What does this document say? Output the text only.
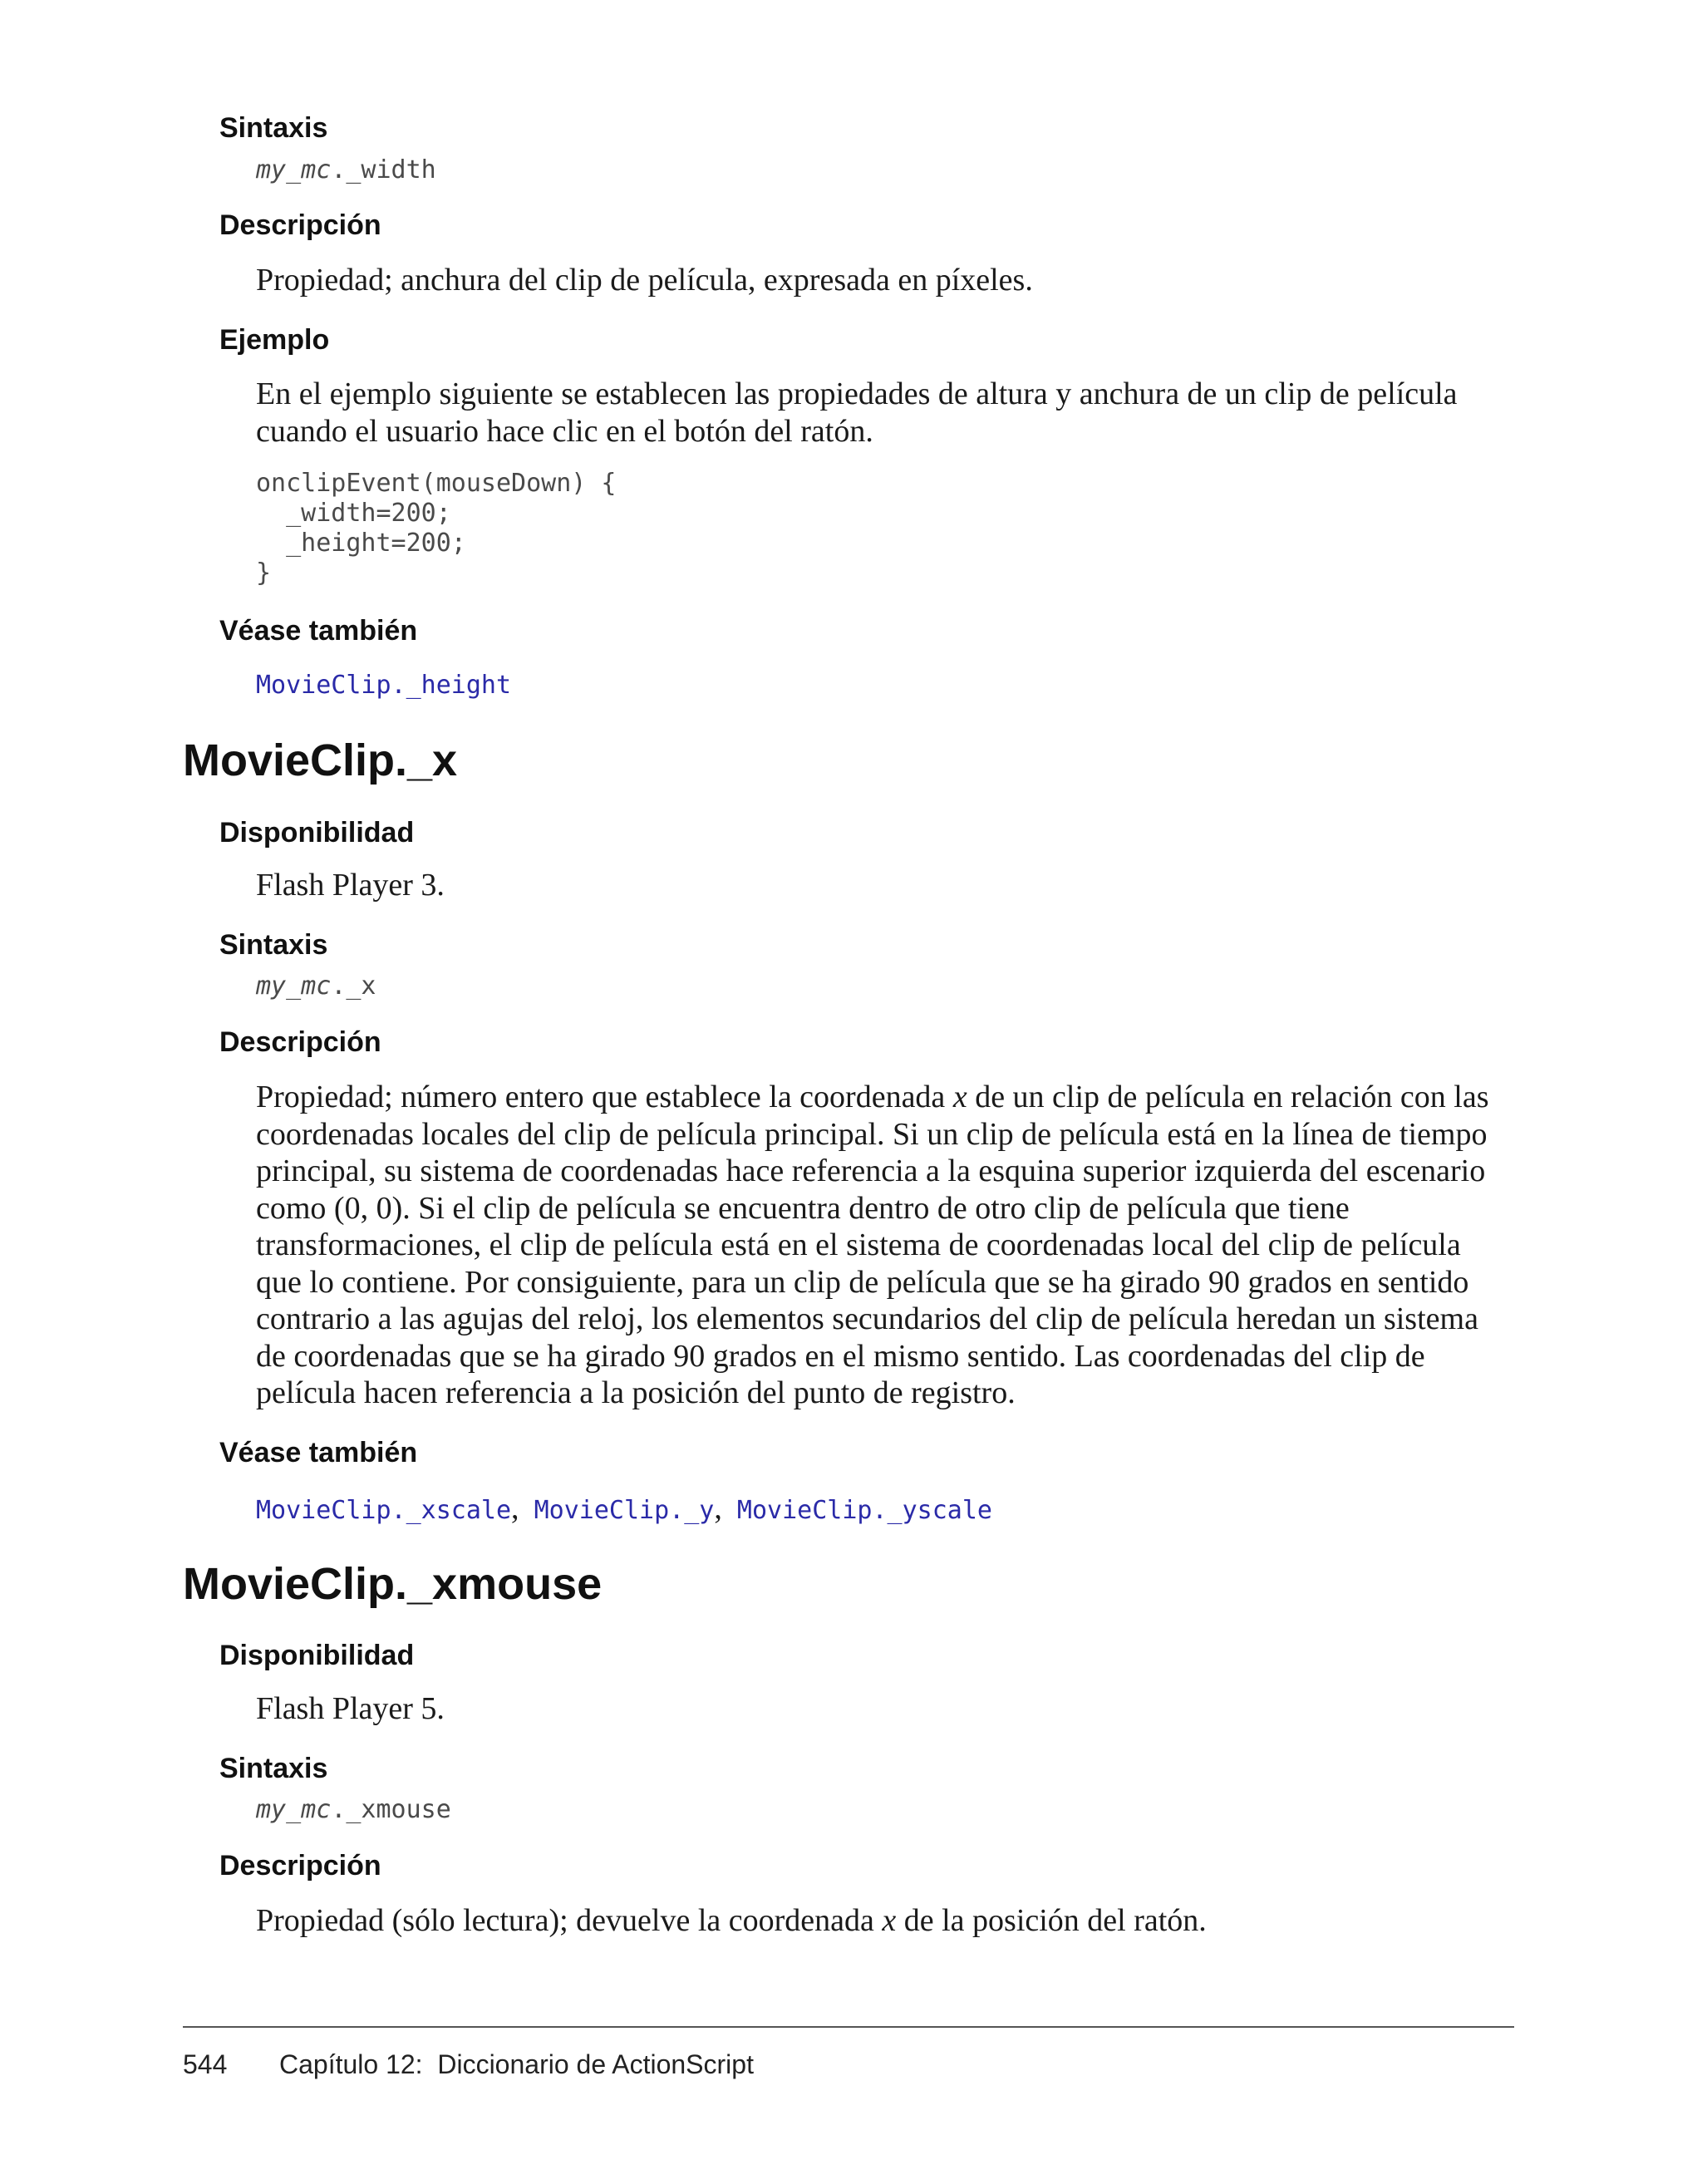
Sintaxis

my_mc._width

Descripción

Propiedad; anchura del clip de película, expresada en píxeles.

Ejemplo

En el ejemplo siguiente se establecen las propiedades de altura y anchura de un clip de película cuando el usuario hace clic en el botón del ratón.

onclipEvent(mouseDown) {
_width=200;
_height=200;
}

Véase también

MovieClip._height

MovieClip._x

Disponibilidad

Flash Player 3.

Sintaxis

my_mc._x

Descripción

Propiedad; número entero que establece la coordenada x de un clip de película en relación con las coordenadas locales del clip de película principal. Si un clip de película está en la línea de tiempo principal, su sistema de coordenadas hace referencia a la esquina superior izquierda del escenario como (0, 0). Si el clip de película se encuentra dentro de otro clip de película que tiene transformaciones, el clip de película está en el sistema de coordenadas local del clip de película que lo contiene. Por consiguiente, para un clip de película que se ha girado 90 grados en sentido contrario a las agujas del reloj, los elementos secundarios del clip de película heredan un sistema de coordenadas que se ha girado 90 grados en el mismo sentido. Las coordenadas del clip de película hacen referencia a la posición del punto de registro.

Véase también

MovieClip._xscale, MovieClip._y, MovieClip._yscale

MovieClip._xmouse

Disponibilidad

Flash Player 5.

Sintaxis

my_mc._xmouse

Descripción

Propiedad (sólo lectura); devuelve la coordenada x de la posición del ratón.

544 Capítulo 12:  Diccionario de ActionScript
